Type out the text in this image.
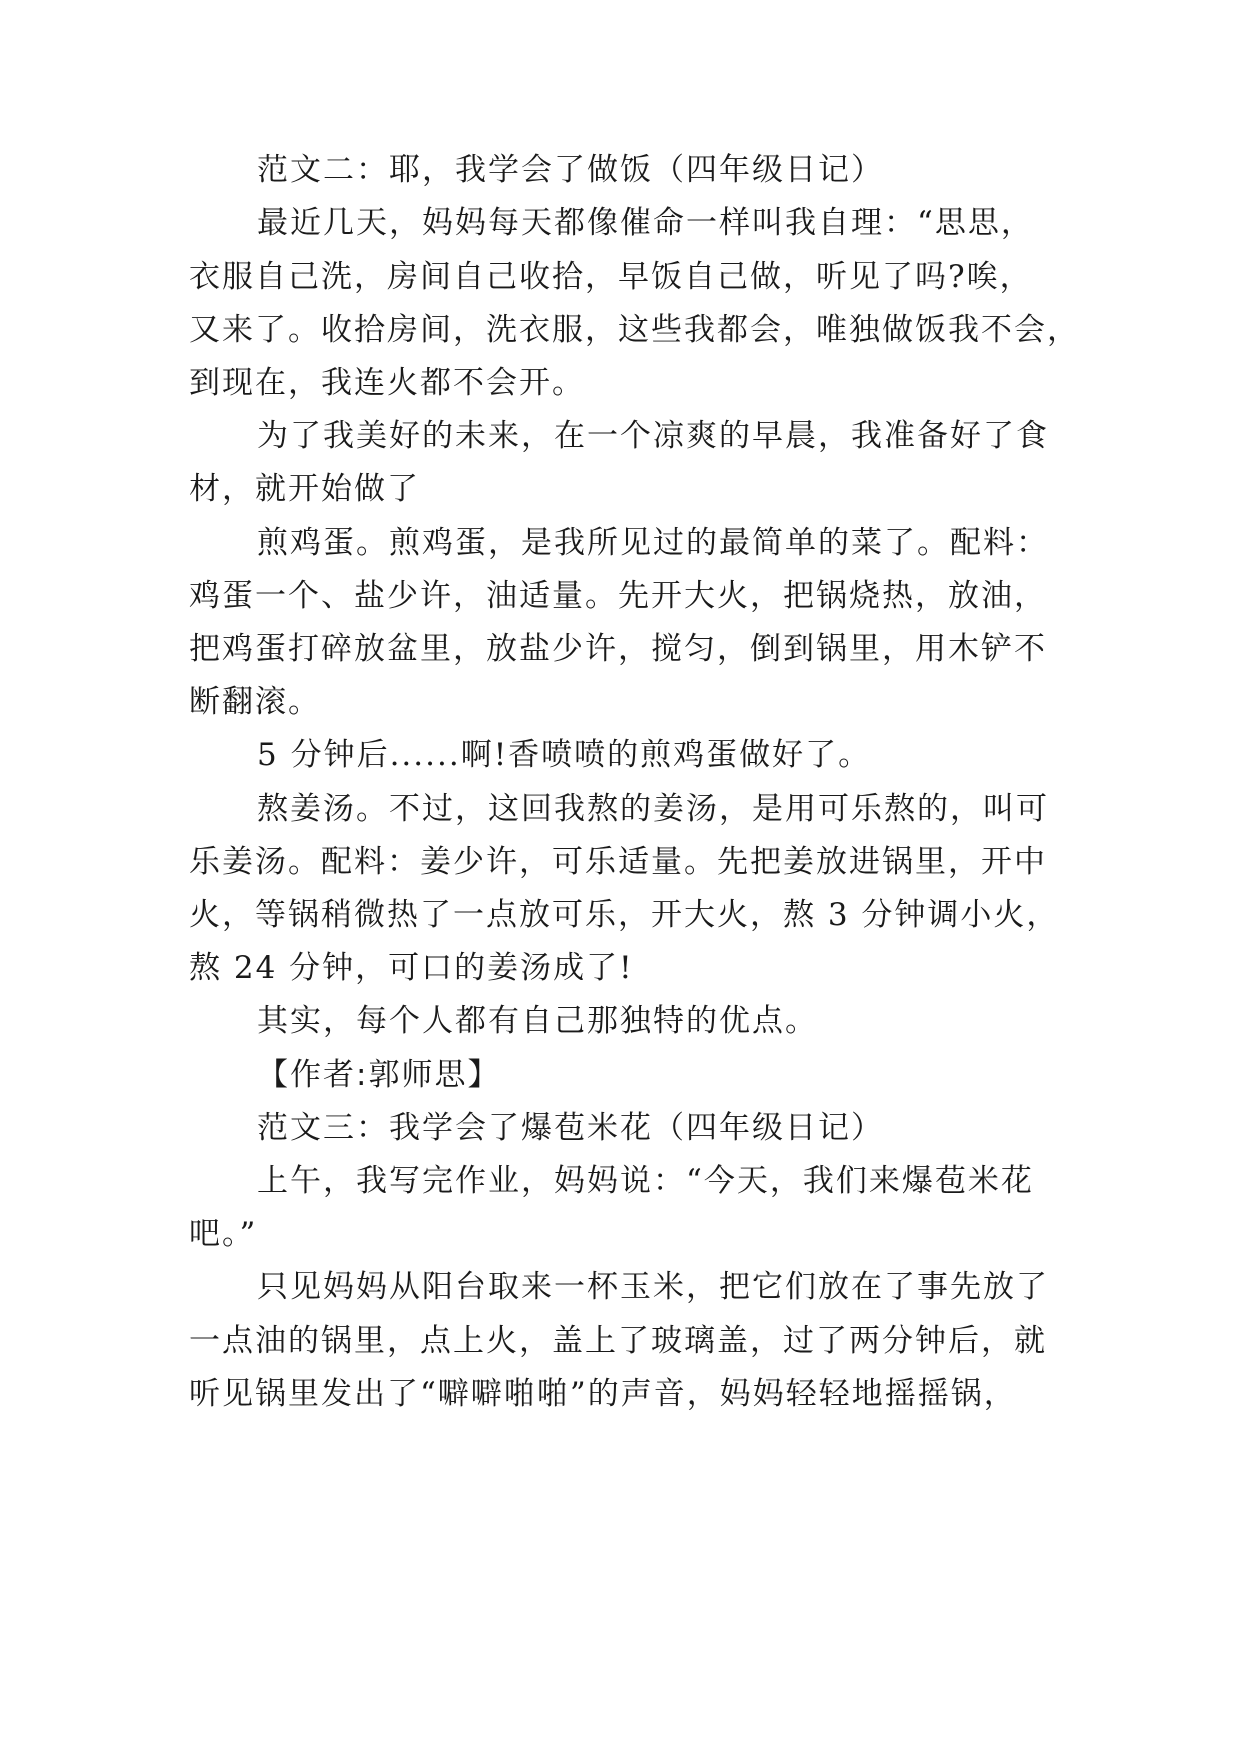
范文二：耶，我学会了做饭（四年级日记）

最近几天，妈妈每天都像催命一样叫我自理：“思思，

衣服自己洗，房间自己收拾，早饭自己做，听见了吗?唉，

又来了。收拾房间，洗衣服，这些我都会，唯独做饭我不会，

到现在，我连火都不会开。

为了我美好的未来，在一个凉爽的早晨，我准备好了食

材，就开始做了

煎鸡蛋。煎鸡蛋，是我所见过的最简单的菜了。配料：

鸡蛋一个、盐少许，油适量。先开大火，把锅烧热，放油，

把鸡蛋打碎放盆里，放盐少许，搅匀，倒到锅里，用木铲不

断翻滚。

5 分钟后......啊!香喷喷的煎鸡蛋做好了。

熬姜汤。不过，这回我熬的姜汤，是用可乐熬的，叫可

乐姜汤。配料：姜少许，可乐适量。先把姜放进锅里，开中

火，等锅稍微热了一点放可乐，开大火，熬 3 分钟调小火，

熬 24 分钟，可口的姜汤成了!

其实，每个人都有自己那独特的优点。

【作者:郭师思】

范文三：我学会了爆苞米花（四年级日记）

上午，我写完作业，妈妈说：“今天，我们来爆苞米花

吧。”

只见妈妈从阳台取来一杯玉米，把它们放在了事先放了

一点油的锅里，点上火，盖上了玻璃盖，过了两分钟后，就

听见锅里发出了“噼噼啪啪”的声音，妈妈轻轻地摇摇锅，
